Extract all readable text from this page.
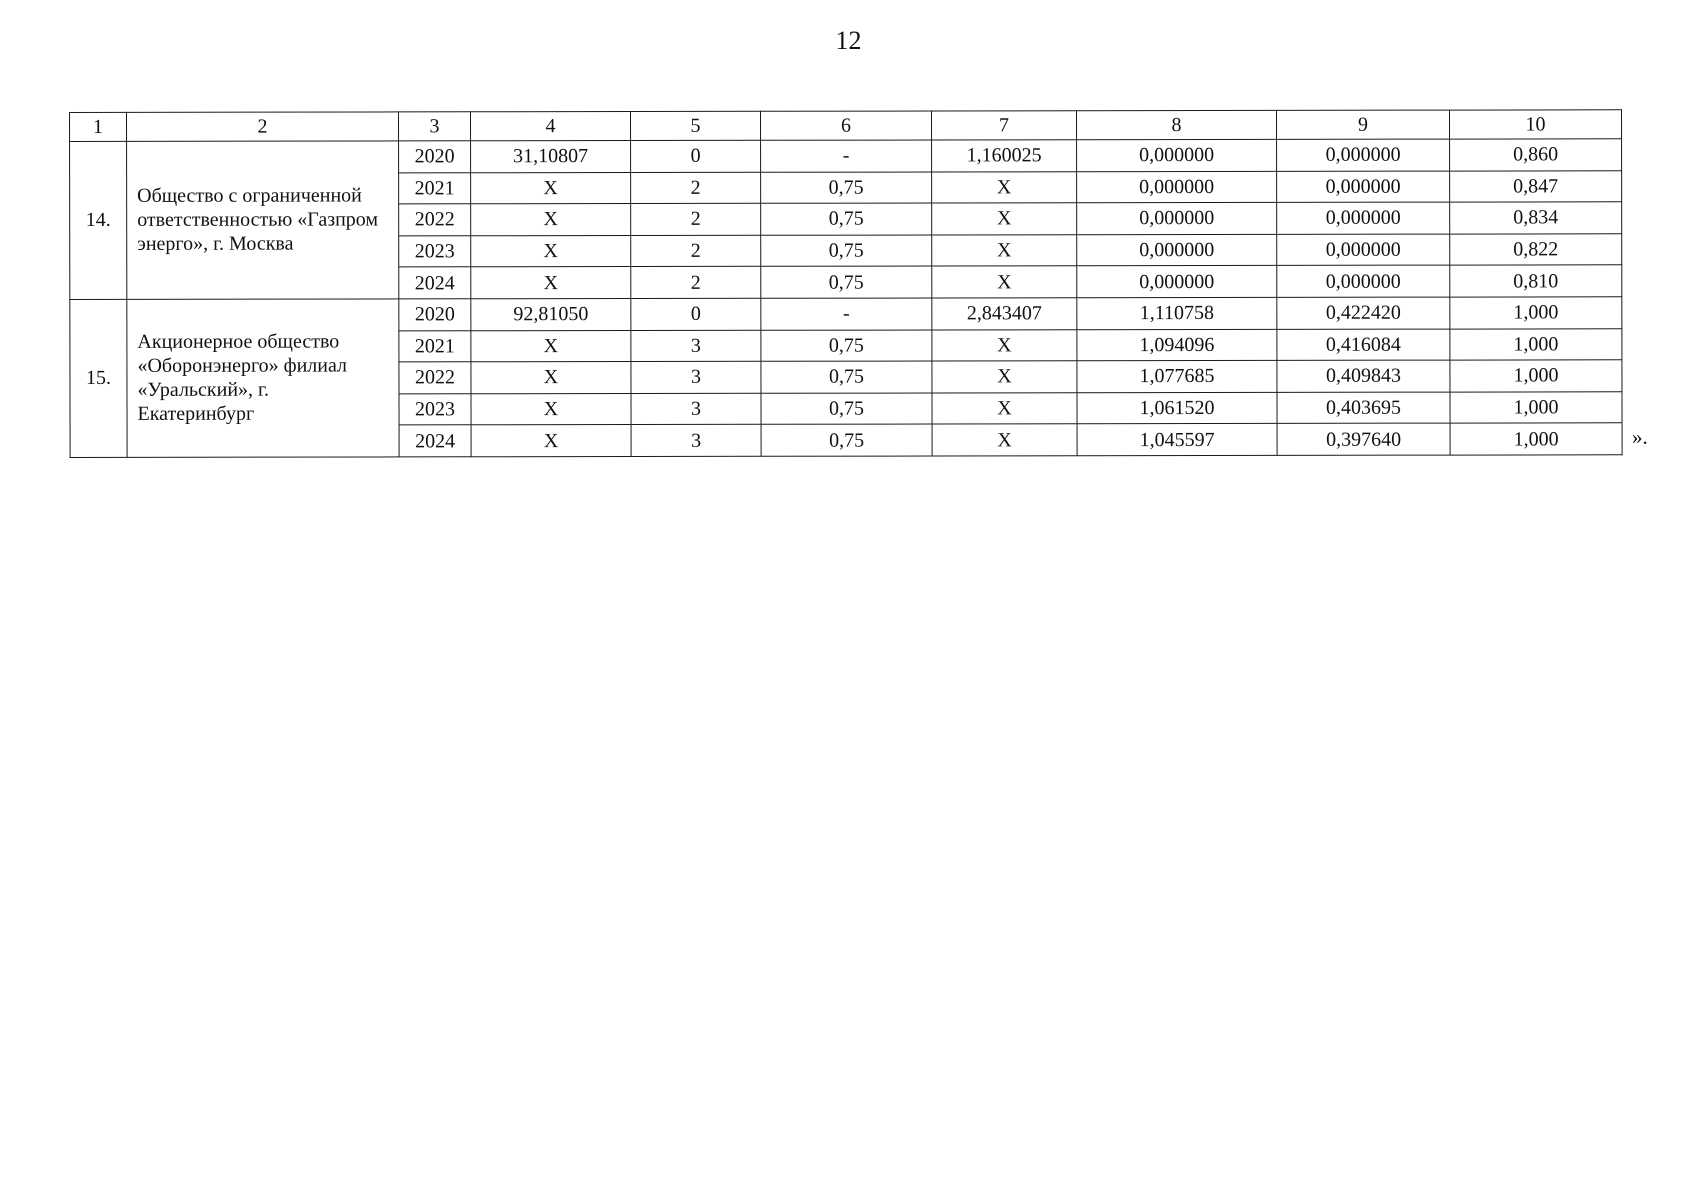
12
1	2	3	4	5	6	7	8	9	10
14.	Общество с ограниченной ответственностью «Газпром энерго», г. Москва	2020	31,10807	0	-	1,160025	0,000000	0,000000	0,860
		2021	X	2	0,75	X	0,000000	0,000000	0,847
		2022	X	2	0,75	X	0,000000	0,000000	0,834
		2023	X	2	0,75	X	0,000000	0,000000	0,822
		2024	X	2	0,75	X	0,000000	0,000000	0,810
15.	Акционерное общество «Оборонэнерго» филиал «Уральский», г. Екатеринбург	2020	92,81050	0	-	2,843407	1,110758	0,422420	1,000
		2021	X	3	0,75	X	1,094096	0,416084	1,000
		2022	X	3	0,75	X	1,077685	0,409843	1,000
		2023	X	3	0,75	X	1,061520	0,403695	1,000
		2024	X	3	0,75	X	1,045597	0,397640	1,000	».
